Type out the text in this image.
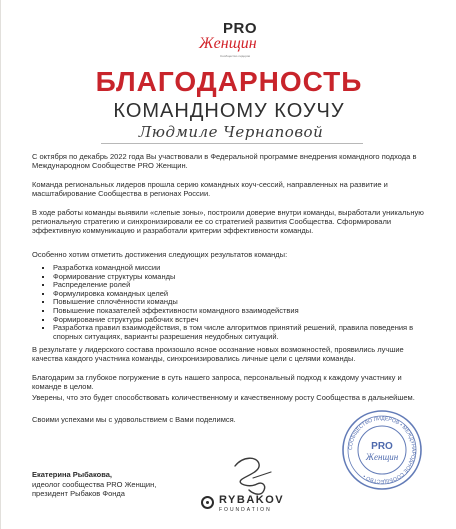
PRO
Женщин
Сообщество лидеров
БЛАГОДАРНОСТЬ
КОМАНДНОМУ КОУЧУ
Людмиле Чернаповой
С октября по декабрь 2022 года Вы участвовали в Федеральной программе внедрения командного подхода в Международном Сообществе PRO Женщин.
Команда региональных лидеров прошла серию командных коуч-сессий, направленных на развитие и масштабирование Сообщества в регионах России.
В ходе работы команды выявили «слепые зоны», построили доверие внутри команды, выработали уникальную региональную стратегию и синхронизировали ее со стратегией развития Сообщества. Сформировали эффективную коммуникацию и разработали критерии эффективности команды.
Особенно хотим отметить достижения следующих результатов команды:
▪ Разработка командной миссии
▪ Формирование структуры команды
▪ Распределение ролей
▪ Формулировка командных целей
▪ Повышение сплочённости команды
▪ Повышение показателей эффективности командного взаимодействия
▪ Формирование структуры рабочих встреч
▪ Разработка правил взаимодействия, в том числе алгоритмов принятий решений, правила поведения в спорных ситуациях, варианты разрешения неудобных ситуаций.
В результате у лидерского состава произошло ясное осознание новых возможностей, проявились лучшие качества каждого участника команды, синхронизировались личные цели с целями команды.
Благодарим за глубокое погружение в суть нашего запроса, персональный подход к каждому участнику и команде в целом.
Уверены, что это будет способствовать количественному и качественному росту Сообщества в дальнейшем.
Своими успехами мы с удовольствием с Вами поделимся.
Екатерина Рыбакова,
идеолог сообщества PRO Женщин,
президент Рыбаков Фонда
RYBAKOV
FOUNDATION
СООБЩЕСТВО ЛИДЕРОВ • МЕЖДУНАРОДНОЕ СООБЩЕСТВО •
PRO
Женщин
